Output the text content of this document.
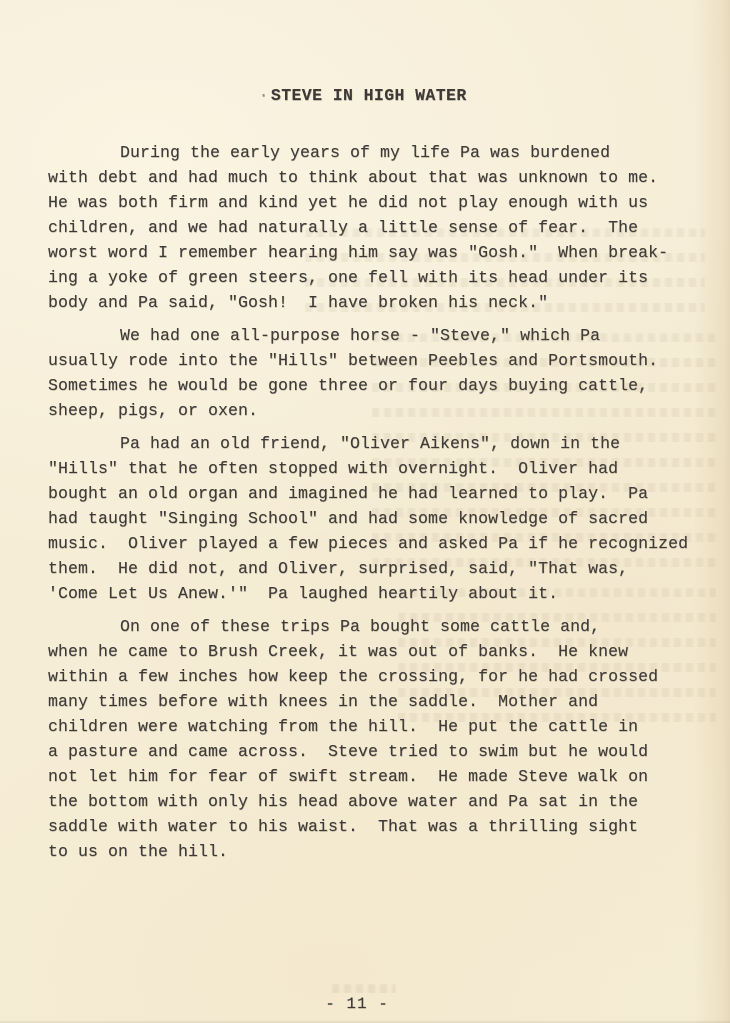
· STEVE IN HIGH WATER

During the early years of my life Pa was burdened
with debt and had much to think about that was unknown to me.
He was both firm and kind yet he did not play enough with us
children, and we had naturally a little sense of fear.  The
worst word I remember hearing him say was "Gosh."  When break-
ing a yoke of green steers, one fell with its head under its
body and Pa said, "Gosh!  I have broken his neck."
We had one all-purpose horse - "Steve," which Pa
usually rode into the "Hills" between Peebles and Portsmouth.
Sometimes he would be gone three or four days buying cattle,
sheep, pigs, or oxen.
Pa had an old friend, "Oliver Aikens", down in the
"Hills" that he often stopped with overnight.  Oliver had
bought an old organ and imagined he had learned to play.  Pa
had taught "Singing School" and had some knowledge of sacred
music.  Oliver played a few pieces and asked Pa if he recognized
them.  He did not, and Oliver, surprised, said, "That was,
'Come Let Us Anew.'"  Pa laughed heartily about it.
On one of these trips Pa bought some cattle and,
when he came to Brush Creek, it was out of banks.  He knew
within a few inches how keep the crossing, for he had crossed
many times before with knees in the saddle.  Mother and
children were watching from the hill.  He put the cattle in
a pasture and came across.  Steve tried to swim but he would
not let him for fear of swift stream.  He made Steve walk on
the bottom with only his head above water and Pa sat in the
saddle with water to his waist.  That was a thrilling sight
to us on the hill.
- 11 -
